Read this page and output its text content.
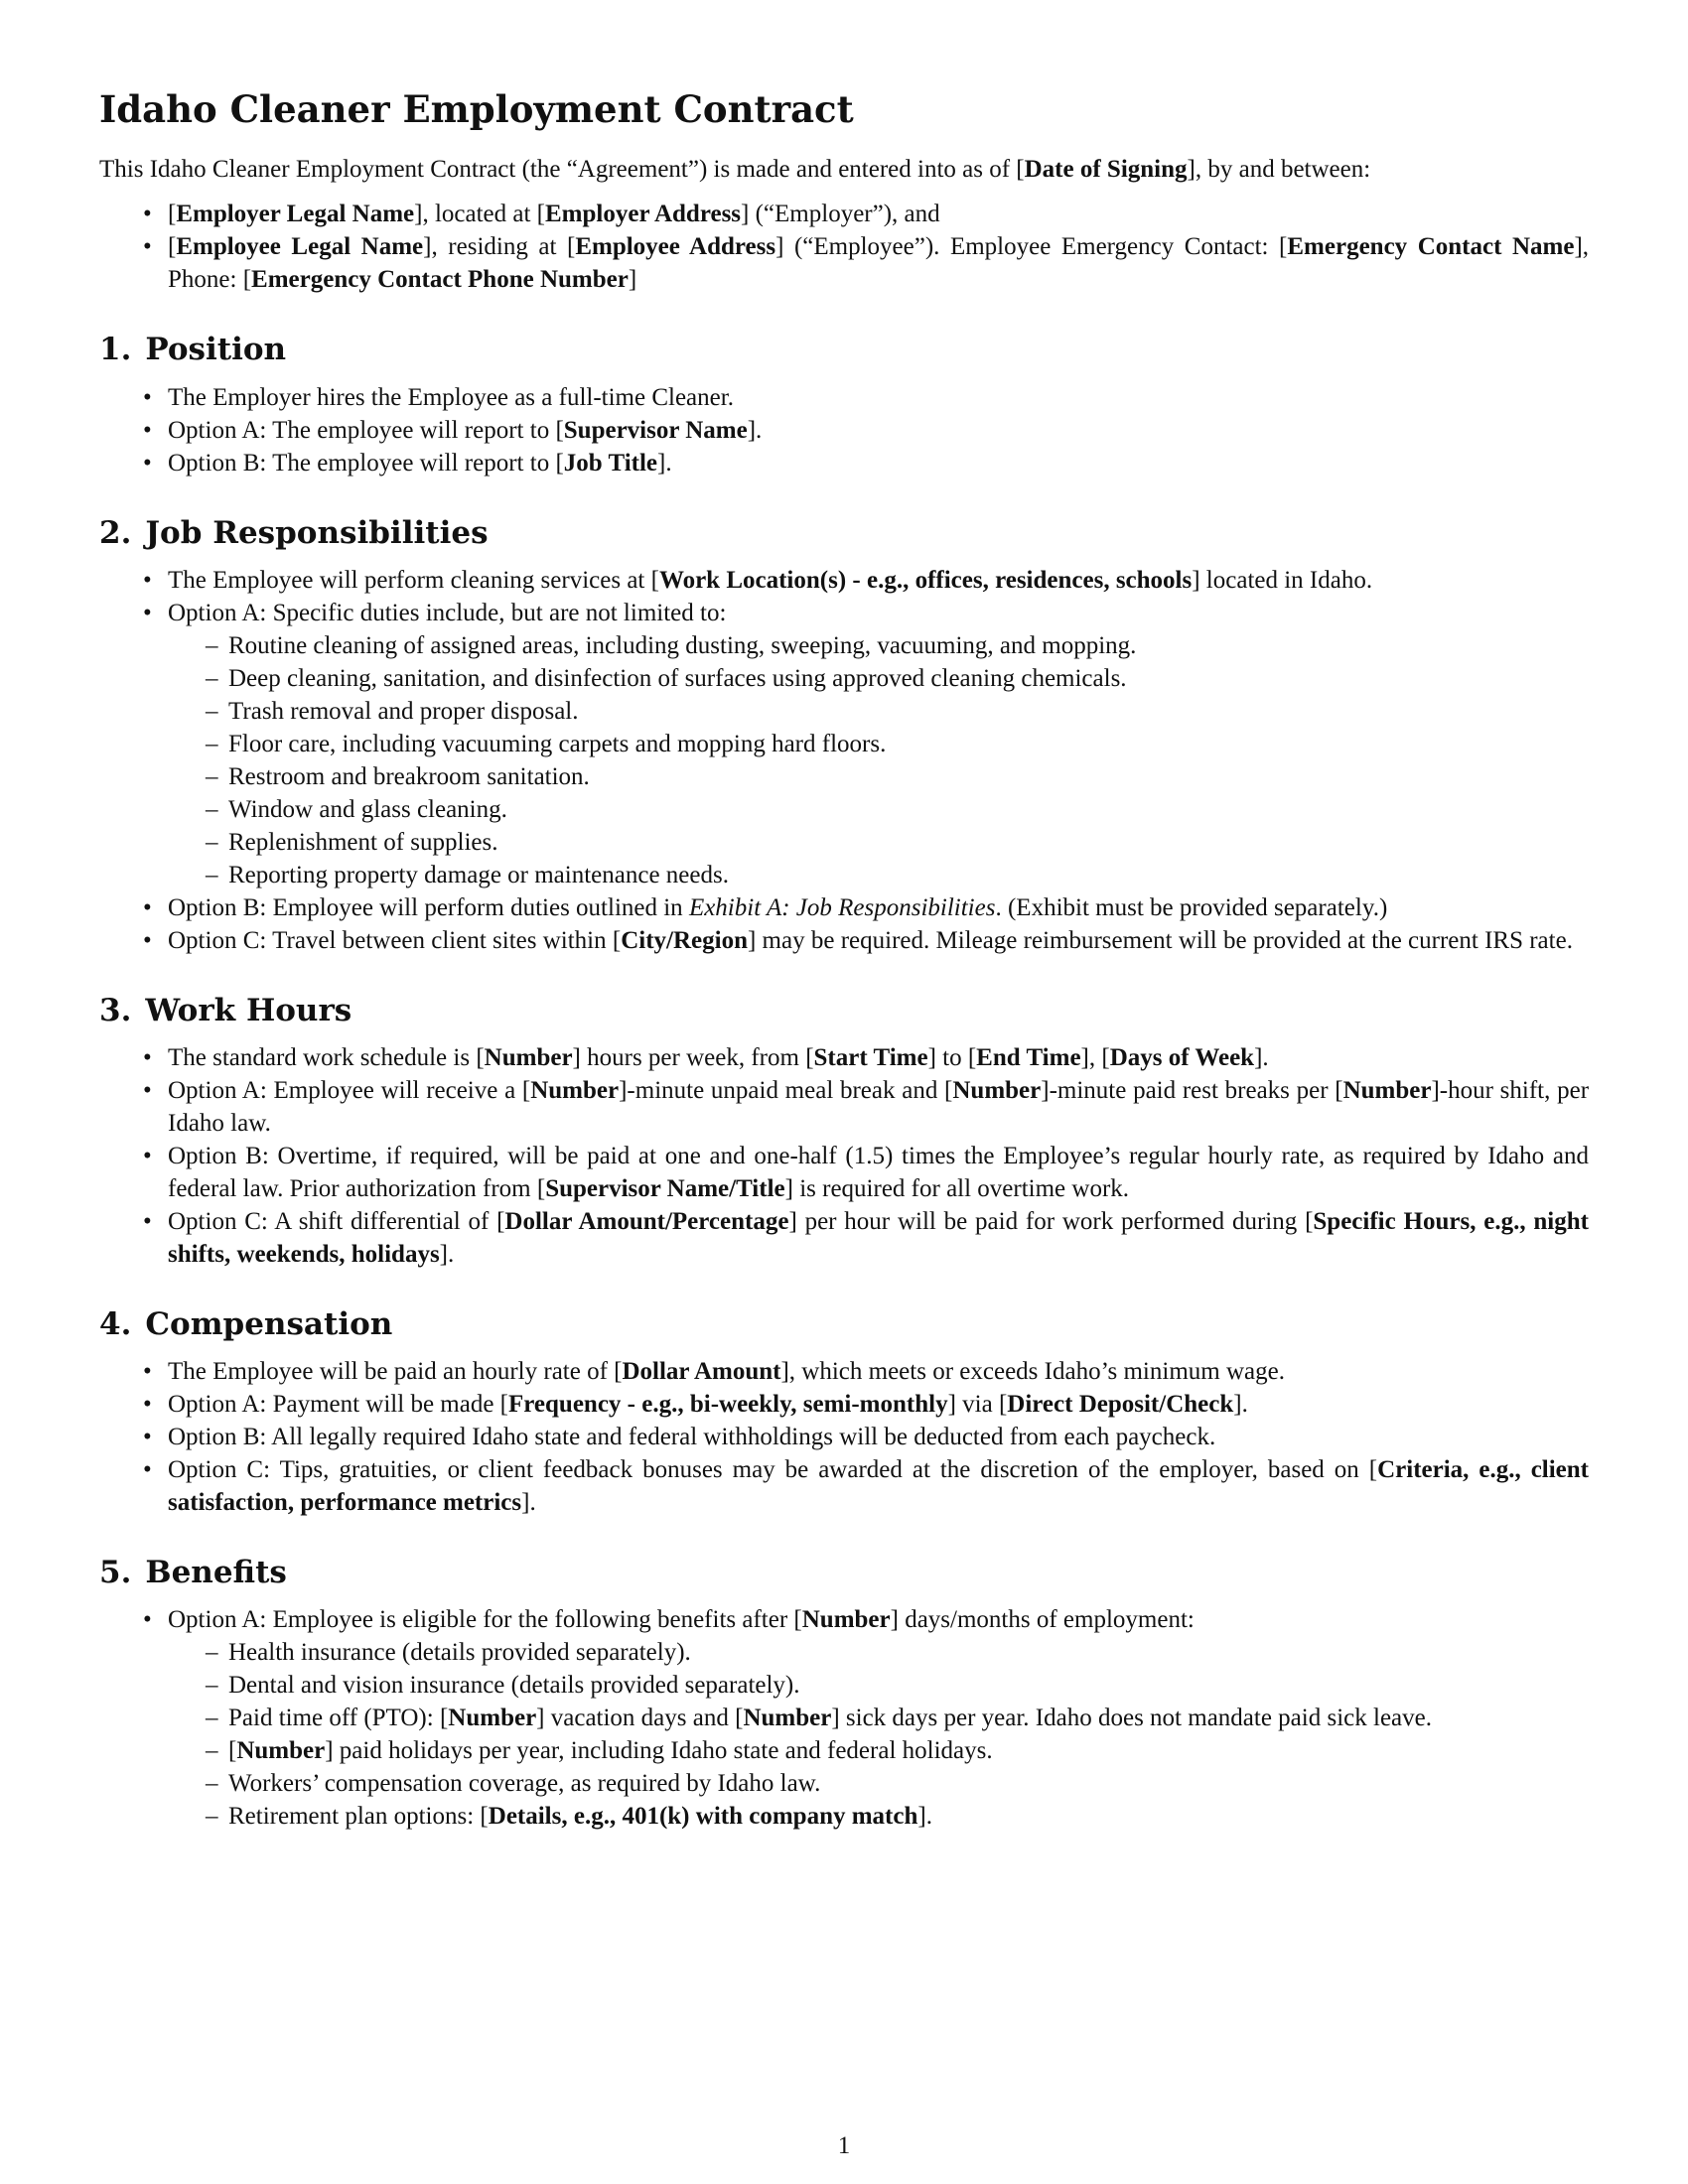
Idaho Cleaner Employment Contract

This Idaho Cleaner Employment Contract (the “Agreement”) is made and entered into as of [Date of Signing], by and between:

• [Employer Legal Name], located at [Employer Address] (“Employer”), and
• [Employee Legal Name], residing at [Employee Address] (“Employee”). Employee Emergency Contact: [Emergency Contact Name], Phone: [Emergency Contact Phone Number]
1. Position
• The Employer hires the Employee as a full-time Cleaner.
• Option A: The employee will report to [Supervisor Name].
• Option B: The employee will report to [Job Title].
2. Job Responsibilities
• The Employee will perform cleaning services at [Work Location(s) - e.g., offices, residences, schools] located in Idaho.
• Option A: Specific duties include, but are not limited to:
– Routine cleaning of assigned areas, including dusting, sweeping, vacuuming, and mopping.
– Deep cleaning, sanitation, and disinfection of surfaces using approved cleaning chemicals.
– Trash removal and proper disposal.
– Floor care, including vacuuming carpets and mopping hard floors.
– Restroom and breakroom sanitation.
– Window and glass cleaning.
– Replenishment of supplies.
– Reporting property damage or maintenance needs.
• Option B: Employee will perform duties outlined in Exhibit A: Job Responsibilities. (Exhibit must be provided separately.)
• Option C: Travel between client sites within [City/Region] may be required. Mileage reimbursement will be provided at the current IRS rate.
3. Work Hours
• The standard work schedule is [Number] hours per week, from [Start Time] to [End Time], [Days of Week].
• Option A: Employee will receive a [Number]-minute unpaid meal break and [Number]-minute paid rest breaks per [Number]-hour shift, per Idaho law.
• Option B: Overtime, if required, will be paid at one and one-half (1.5) times the Employee’s regular hourly rate, as required by Idaho and federal law. Prior authorization from [Supervisor Name/Title] is required for all overtime work.
• Option C: A shift differential of [Dollar Amount/Percentage] per hour will be paid for work performed during [Specific Hours, e.g., night shifts, weekends, holidays].
4. Compensation
• The Employee will be paid an hourly rate of [Dollar Amount], which meets or exceeds Idaho’s minimum wage.
• Option A: Payment will be made [Frequency - e.g., bi-weekly, semi-monthly] via [Direct Deposit/Check].
• Option B: All legally required Idaho state and federal withholdings will be deducted from each paycheck.
• Option C: Tips, gratuities, or client feedback bonuses may be awarded at the discretion of the employer, based on [Criteria, e.g., client satisfaction, performance metrics].
5. Benefits
• Option A: Employee is eligible for the following benefits after [Number] days/months of employment:
– Health insurance (details provided separately).
– Dental and vision insurance (details provided separately).
– Paid time off (PTO): [Number] vacation days and [Number] sick days per year. Idaho does not mandate paid sick leave.
– [Number] paid holidays per year, including Idaho state and federal holidays.
– Workers’ compensation coverage, as required by Idaho law.
– Retirement plan options: [Details, e.g., 401(k) with company match].
1
